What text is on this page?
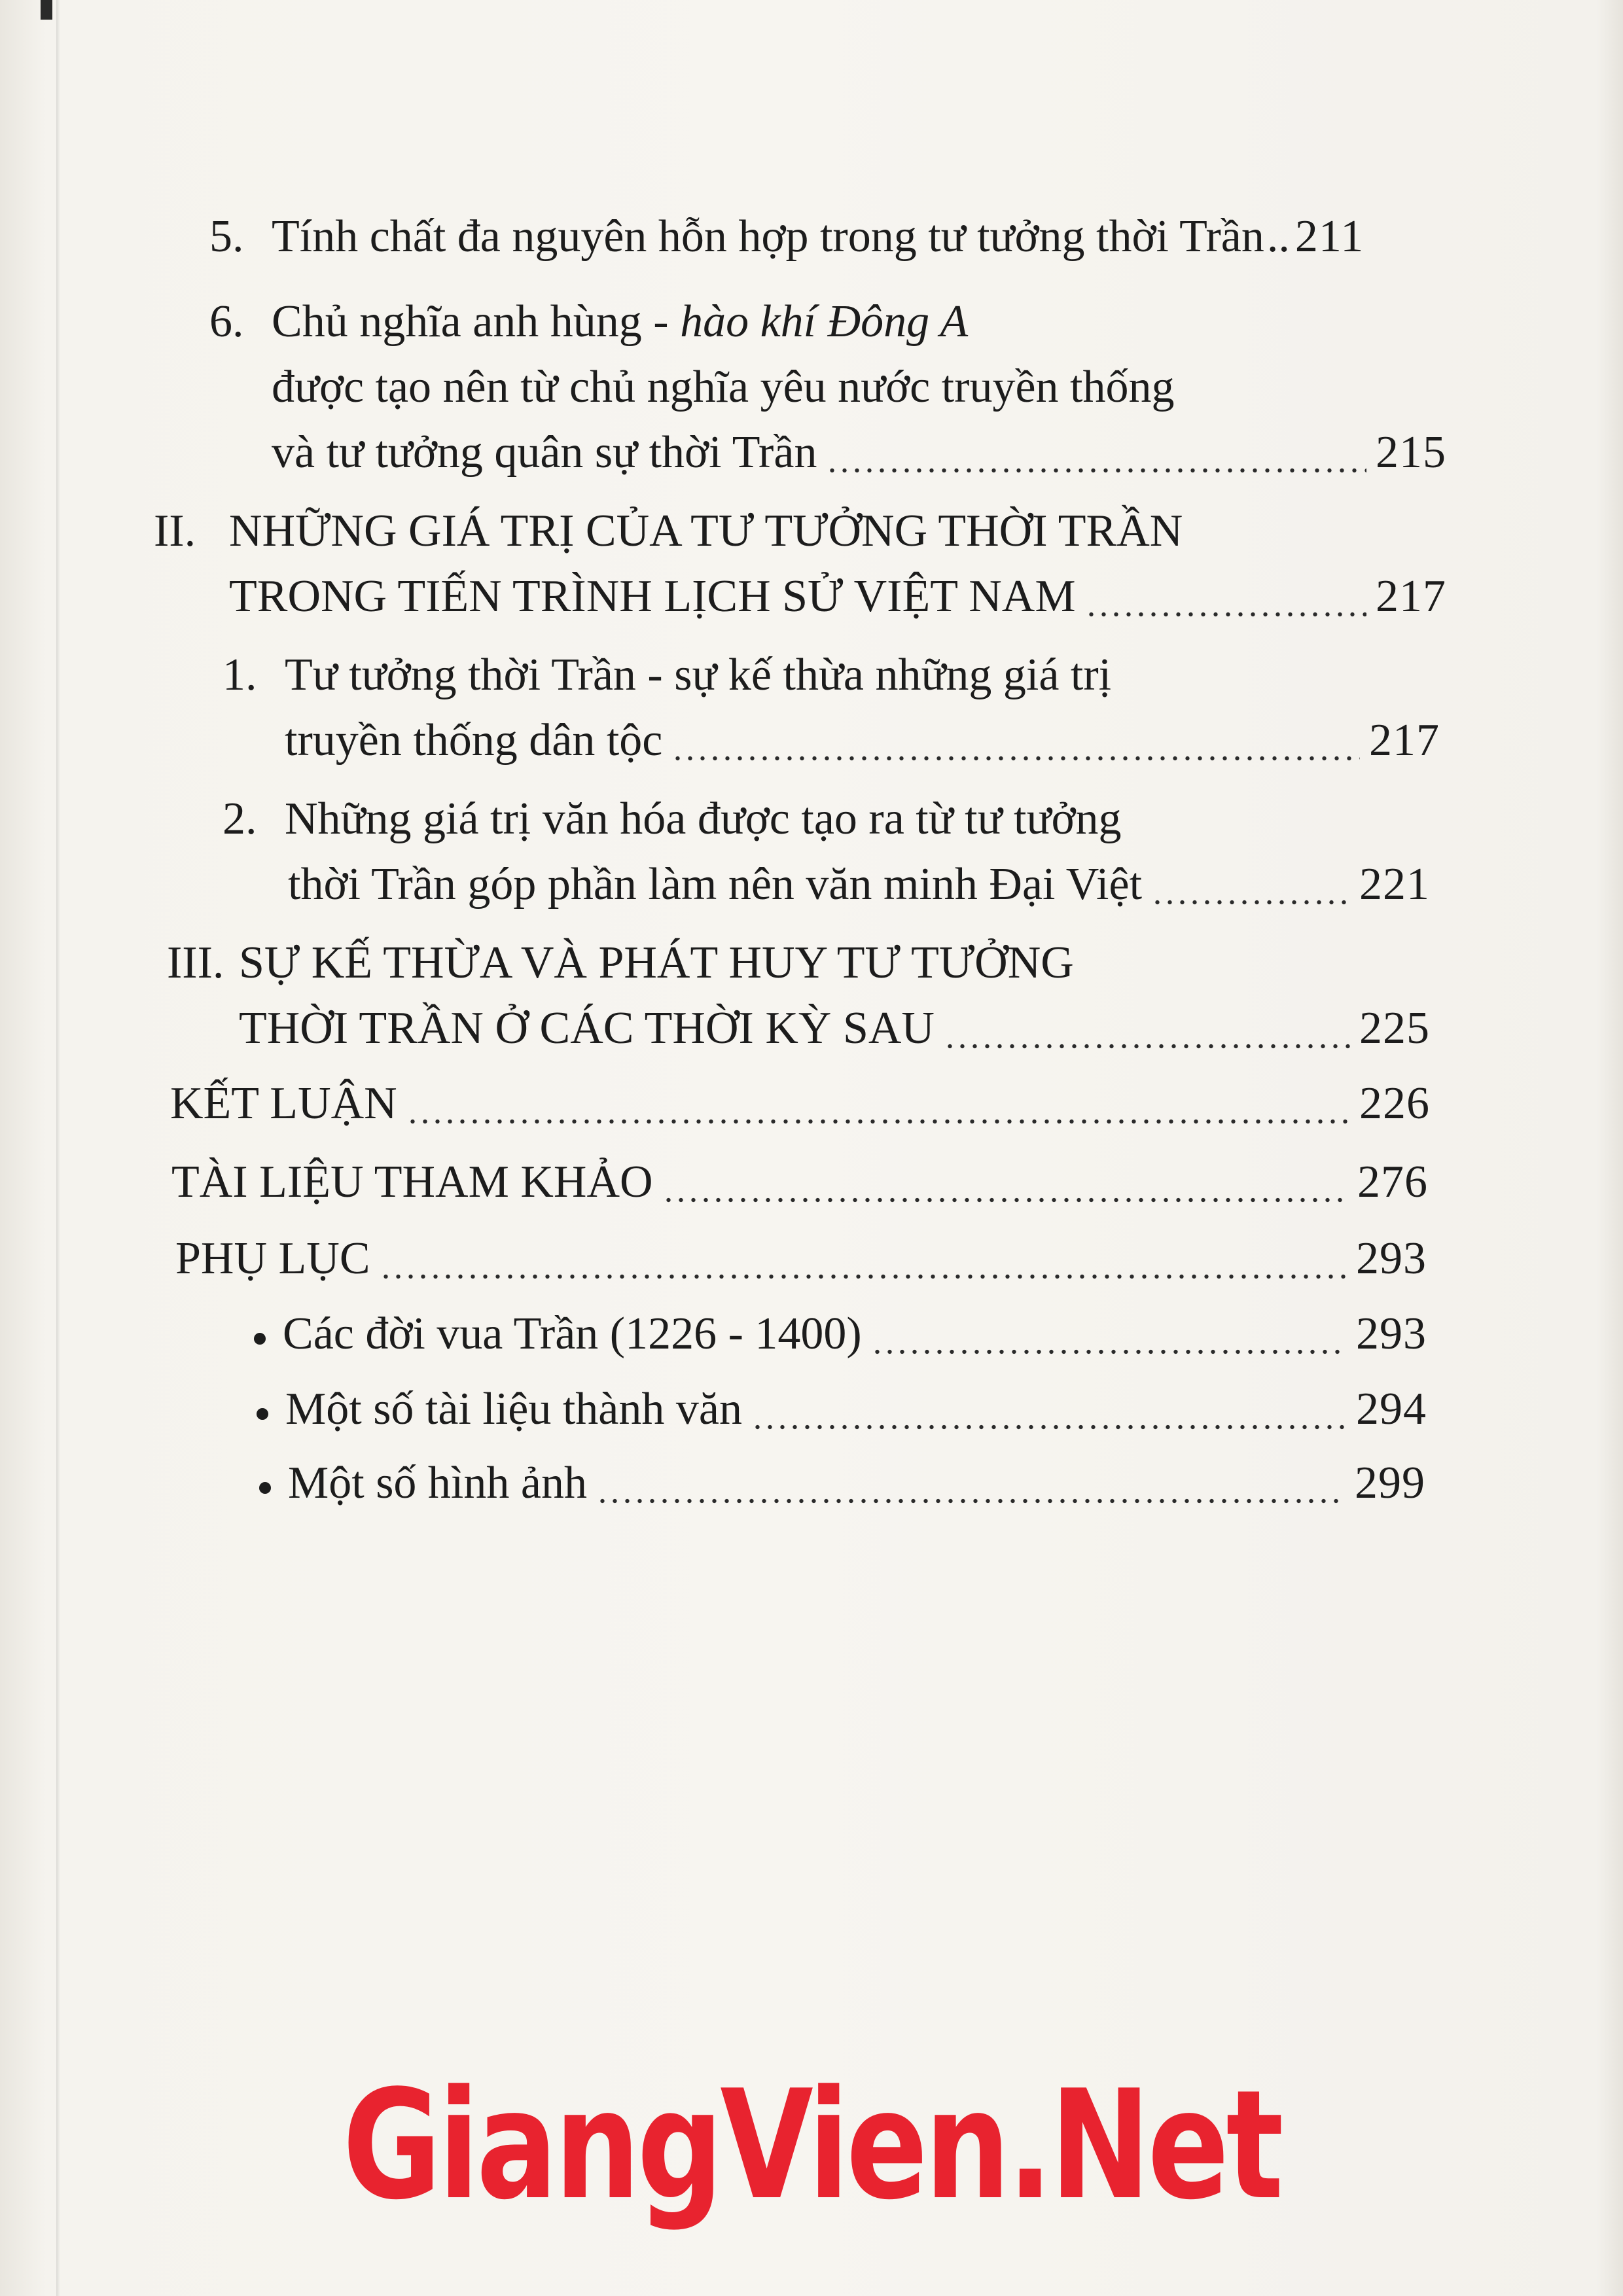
5. Tính chất đa nguyên hỗn hợp trong tư tưởng thời Trần .. 211
6. Chủ nghĩa anh hùng - hào khí Đông A
được tạo nên từ chủ nghĩa yêu nước truyền thống
và tư tưởng quân sự thời Trần	215
II. NHỮNG GIÁ TRỊ CỦA TƯ TƯỞNG THỜI TRẦN
TRONG TIẾN TRÌNH LỊCH SỬ VIỆT NAM	217
1. Tư tưởng thời Trần - sự kế thừa những giá trị
truyền thống dân tộc	217
2. Những giá trị văn hóa được tạo ra từ tư tưởng
thời Trần góp phần làm nên văn minh Đại Việt	221
III. SỰ KẾ THỪA VÀ PHÁT HUY TƯ TƯỞNG
THỜI TRẦN Ở CÁC THỜI KỲ SAU	225
KẾT LUẬN	226
TÀI LIỆU THAM KHẢO	276
PHỤ LỤC	293
Các đời vua Trần (1226 - 1400)	293
Một số tài liệu thành văn	294
Một số hình ảnh	299
GiangVien.Net
